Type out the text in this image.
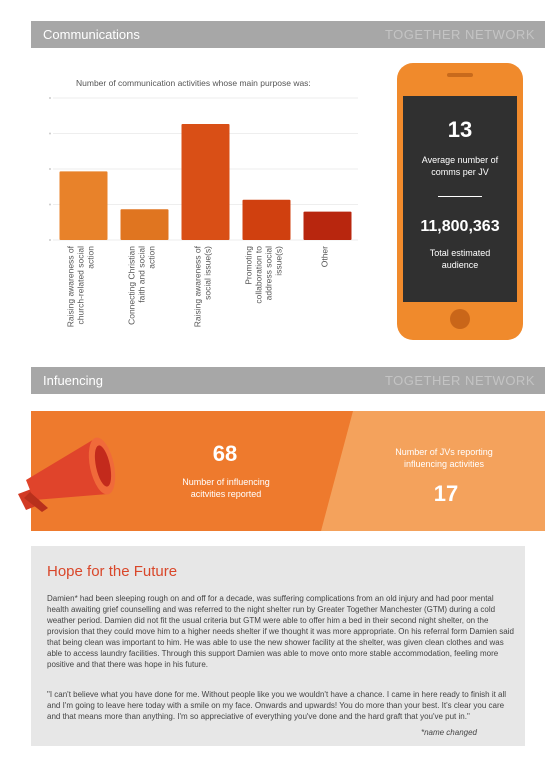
Communications	TOGETHER NETWORK
Number of communication activities whose main purpose was:
Raising awareness ofchurch-related socialaction	Connecting Christianfaith and socialaction	Raising awareness ofsocial issue(s)	Promotingcollaboration toaddress socialissue(s)	Other
13
Average number of comms per JV
11,800,363
Total estimated audience
Infuencing	TOGETHER NETWORK
68
Number of influencing acitvities reported
Number of JVs reporting influencing activities
17
Hope for the Future

Damien* had been sleeping rough on and off for a decade, was suffering complications from an old injury and had poor mental health awaiting grief counselling and was referred to the night shelter run by Greater Together Manchester (GTM) during a cold weather period. Damien did not fit the usual criteria but GTM were able to offer him a bed in their second night shelter, on the provision that they could move him to a higher needs shelter if we thought it was more appropriate. On his referral form Damien said that being clean was important to him. He was able to use the new shower facility at the shelter, was given clean clothes and was able to access laundry facilities. Through this support Damien was able to move onto more stable accommodation, feeling more positive and that there was hope in his future.

"I can't believe what you have done for me. Without people like you we wouldn't have a chance. I came in here ready to finish it all and I'm going to leave here today with a smile on my face. Onwards and upwards! You do more than your best. It's clear you care and that means more than anything. I'm so appreciative of everything you've done and the hard graft that you've put in."

*name changed
